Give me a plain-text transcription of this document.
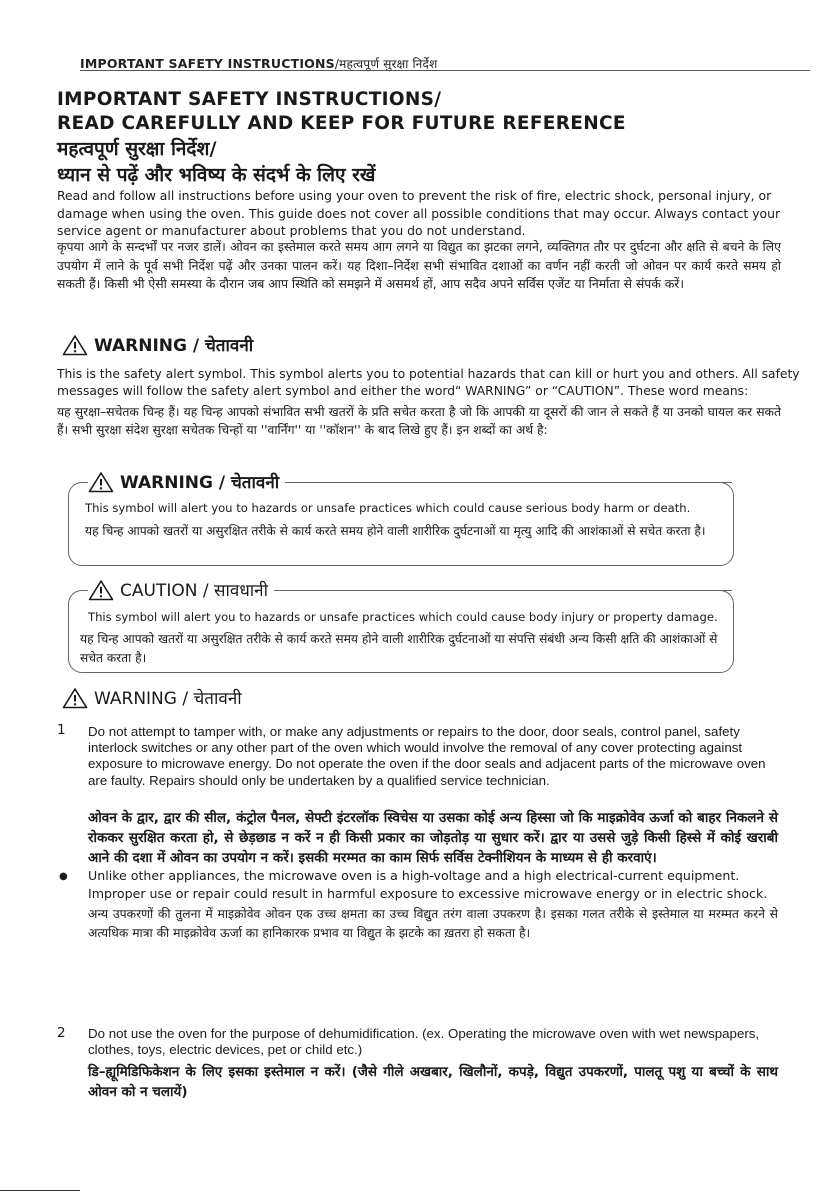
IMPORTANT SAFETY INSTRUCTIONS/महत्वपूर्ण सुरक्षा निर्देश
IMPORTANT SAFETY INSTRUCTIONS/
READ CAREFULLY AND KEEP FOR FUTURE REFERENCE
महत्वपूर्ण सुरक्षा निर्देश/
ध्यान से पढ़ें और भविष्य के संदर्भ के लिए रखें
Read and follow all instructions before using your oven to prevent the risk of fire, electric shock, personal injury, or damage when using the oven. This guide does not cover all possible conditions that may occur. Always contact your service agent or manufacturer about problems that you do not understand.
कृपया आगे के सन्दर्भों पर नजर डालें। ओवन का इस्तेमाल करते समय आग लगने या विद्युत का झटका लगने, व्यक्तिगत तौर पर दुर्घटना और क्षति से बचने के लिए उपयोग में लाने के पूर्व सभी निर्देश पढ़ें और उनका पालन करें। यह दिशा–निर्देश सभी संभावित दशाओं का वर्णन नहीं करती जो ओवन पर कार्य करते समय हो सकती हैं। किसी भी ऐसी समस्या के दौरान जब आप स्थिति को समझने में असमर्थ हों, आप सदैव अपने सर्विस एजेंट या निर्माता से संपर्क करें।
WARNING / चेतावनी
This is the safety alert symbol. This symbol alerts you to potential hazards that can kill or hurt you and others. All safety messages will follow the safety alert symbol and either the word“ WARNING” or “CAUTION”. These word means:
यह सुरक्षा–सचेतक चिन्ह हैं। यह चिन्ह आपको संभावित सभी खतरों के प्रति सचेत करता है जो कि आपकी या दूसरों की जान ले सकते हैं या उनको घायल कर सकते हैं। सभी सुरक्षा संदेश सुरक्षा सचेतक चिन्हों या ''वार्निंग'' या ''कॉशन'' के बाद लिखे हुए हैं। इन शब्दों का अर्थ है:
WARNING / चेतावनी
This symbol will alert you to hazards or unsafe practices which could cause serious body harm or death.
यह चिन्ह आपको खतरों या असुरक्षित तरीके से कार्य करते समय होने वाली शारीरिक दुर्घटनाओं या मृत्यु आदि की आशंकाओं से सचेत करता है।
CAUTION / सावधानी
This symbol will alert you to hazards or unsafe practices which could cause body injury or property damage.
यह चिन्ह आपको खतरों या असुरक्षित तरीके से कार्य करते समय होने वाली शारीरिक दुर्घटनाओं या संपत्ति संबंधी अन्य किसी क्षति की आशंकाओं से सचेत करता है।
WARNING / चेतावनी
1 Do not attempt to tamper with, or make any adjustments or repairs to the door, door seals, control panel, safety interlock switches or any other part of the oven which would involve the removal of any cover protecting against exposure to microwave energy. Do not operate the oven if the door seals and adjacent parts of the microwave oven are faulty. Repairs should only be undertaken by a qualified service technician.
ओवन के द्वार, द्वार की सील, कंट्रोल पैनल, सेफ्टी इंटरलॉक स्विचेस या उसका कोई अन्य हिस्सा जो कि माइक्रोवेव ऊर्जा को बाहर निकलने से रोककर सुरक्षित करता हो, से छेड़छाड न करें न ही किसी प्रकार का जोड़तोड़ या सुधार करें। द्वार या उससे जुड़े किसी हिस्से में कोई खराबी आने की दशा में ओवन का उपयोग न करें। इसकी मरम्मत का काम सिर्फ सर्विस टेक्नीशियन के माध्यम से ही करवाएं।
● Unlike other appliances, the microwave oven is a high-voltage and a high electrical-current equipment. Improper use or repair could result in harmful exposure to excessive microwave energy or in electric shock.
अन्य उपकरणों की तुलना में माइक्रोवेव ओवन एक उच्च क्षमता का उच्च विद्युत तरंग वाला उपकरण है। इसका गलत तरीके से इस्तेमाल या मरम्मत करने से अत्यधिक मात्रा की माइक्रोवेव ऊर्जा का हानिकारक प्रभाव या विद्युत के झटके का ख़तरा हो सकता है।
2 Do not use the oven for the purpose of dehumidification. (ex. Operating the microwave oven with wet newspapers, clothes, toys, electric devices, pet or child etc.)
डि–ह्यूमिडिफिकेशन के लिए इसका इस्तेमाल न करें। (जैसे गीले अखबार, खिलौनों, कपड़े, विद्युत उपकरणों, पालतू पशु या बच्चों के साथ ओवन को न चलायें)
